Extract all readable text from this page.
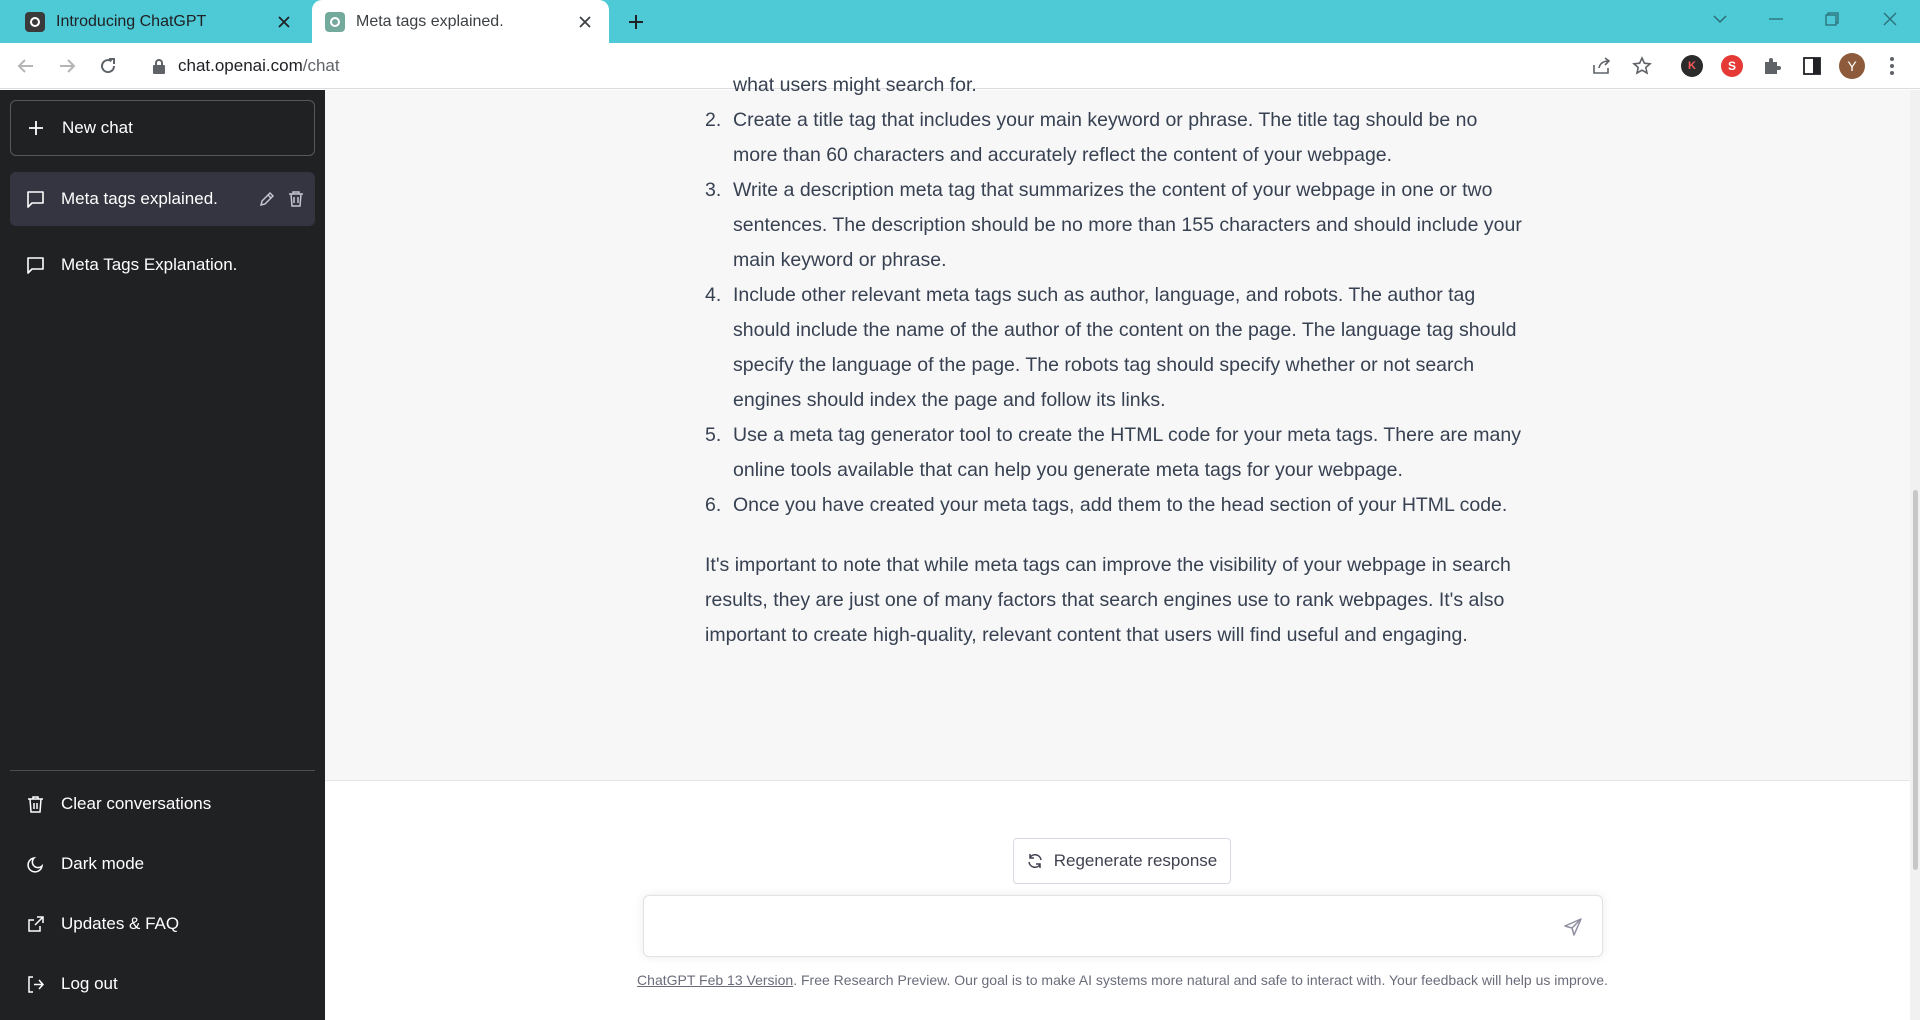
Introducing ChatGPT	Meta tags explained.
chat.openai.com/chat	K	S	Y
New chat
Meta tags explained.
Meta Tags Explanation.
Clear conversations
Dark mode
Updates & FAQ
Log out
what users might search for.
2. Create a title tag that includes your main keyword or phrase. The title tag should be no more than 60 characters and accurately reflect the content of your webpage.
3. Write a description meta tag that summarizes the content of your webpage in one or two sentences. The description should be no more than 155 characters and should include your main keyword or phrase.
4. Include other relevant meta tags such as author, language, and robots. The author tag should include the name of the author of the content on the page. The language tag should specify the language of the page. The robots tag should specify whether or not search engines should index the page and follow its links.
5. Use a meta tag generator tool to create the HTML code for your meta tags. There are many online tools available that can help you generate meta tags for your webpage.
6. Once you have created your meta tags, add them to the head section of your HTML code.

It's important to note that while meta tags can improve the visibility of your webpage in search results, they are just one of many factors that search engines use to rank webpages. It's also important to create high-quality, relevant content that users will find useful and engaging.

Regenerate response
ChatGPT Feb 13 Version. Free Research Preview. Our goal is to make AI systems more natural and safe to interact with. Your feedback will help us improve.
